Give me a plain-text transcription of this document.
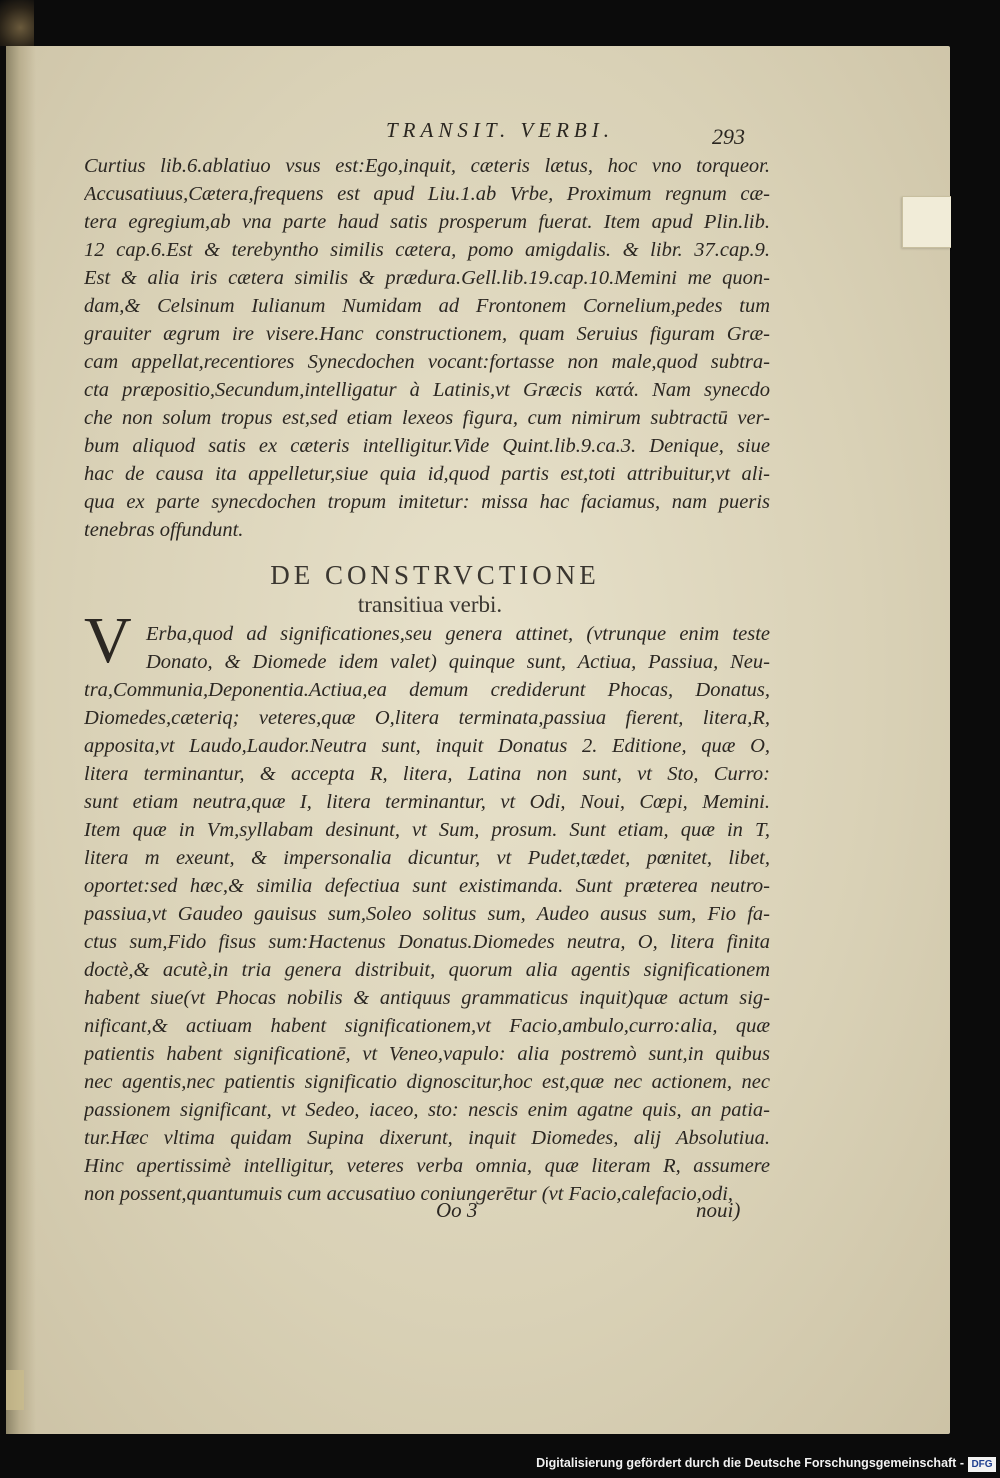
TRANSIT. VERBI.	293
Curtius lib.6.ablatiuo vsus est:Ego,inquit, cæteris lætus, hoc vno torqueor.
Accusatiuus,Cætera,frequens est apud Liu.1.ab Vrbe, Proximum regnum cæ-
tera egregium,ab vna parte haud satis prosperum fuerat. Item apud Plin.lib.
12 cap.6.Est & terebyntho similis cætera, pomo amigdalis. & libr. 37.cap.9.
Est & alia iris cætera similis & prædura.Gell.lib.19.cap.10.Memini me quon-
dam,& Celsinum Iulianum Numidam ad Frontonem Cornelium,pedes tum
grauiter ægrum ire visere.Hanc constructionem, quam Seruius figuram Græ-
cam appellat,recentiores Synecdochen vocant:fortasse non male,quod subtra-
cta præpositio,Secundum,intelligatur à Latinis,vt Græcis κατά. Nam synecdo
che non solum tropus est,sed etiam lexeos figura, cum nimirum subtractū ver-
bum aliquod satis ex cæteris intelligitur.Vide Quint.lib.9.ca.3. Denique, siue
hac de causa ita appelletur,siue quia id,quod partis est,toti attribuitur,vt ali-
qua ex parte synecdochen tropum imitetur: missa hac faciamus, nam pueris
tenebras offundunt.
DE CONSTRVCTIONE
transitiua verbi.
V Erba,quod ad significationes,seu genera attinet, (vtrunque enim teste
Donato, & Diomede idem valet) quinque sunt, Actiua, Passiua, Neu-
tra,Communia,Deponentia.Actiua,ea demum crediderunt Phocas, Donatus,
Diomedes,cæteriq; veteres,quæ O,litera terminata,passiua fierent, litera,R,
apposita,vt Laudo,Laudor.Neutra sunt, inquit Donatus 2. Editione, quæ O,
litera terminantur, & accepta R, litera, Latina non sunt, vt Sto, Curro:
sunt etiam neutra,quæ I, litera terminantur, vt Odi, Noui, Cœpi, Memini.
Item quæ in Vm,syllabam desinunt, vt Sum, prosum. Sunt etiam, quæ in T,
litera m exeunt, & impersonalia dicuntur, vt Pudet,tædet, pœnitet, libet,
oportet:sed hæc,& similia defectiua sunt existimanda. Sunt præterea neutro-
passiua,vt Gaudeo gauisus sum,Soleo solitus sum, Audeo ausus sum, Fio fa-
ctus sum,Fido fisus sum:Hactenus Donatus.Diomedes neutra, O, litera finita
doctè,& acutè,in tria genera distribuit, quorum alia agentis significationem
habent siue(vt Phocas nobilis & antiquus grammaticus inquit)quæ actum sig-
nificant,& actiuam habent significationem,vt Facio,ambulo,curro:alia, quæ
patientis habent significationē, vt Veneo,vapulo: alia postremò sunt,in quibus
nec agentis,nec patientis significatio dignoscitur,hoc est,quæ nec actionem, nec
passionem significant, vt Sedeo, iaceo, sto: nescis enim agatne quis, an patia-
tur.Hæc vltima quidam Supina dixerunt, inquit Diomedes, alij Absolutiua.
Hinc apertissimè intelligitur, veteres verba omnia, quæ literam R, assumere
non possent,quantumuis cum accusatiuo coniungerētur (vt Facio,calefacio,odi,
Oo 3	noui)
Digitalisierung gefördert durch die Deutsche Forschungsgemeinschaft - DFG
